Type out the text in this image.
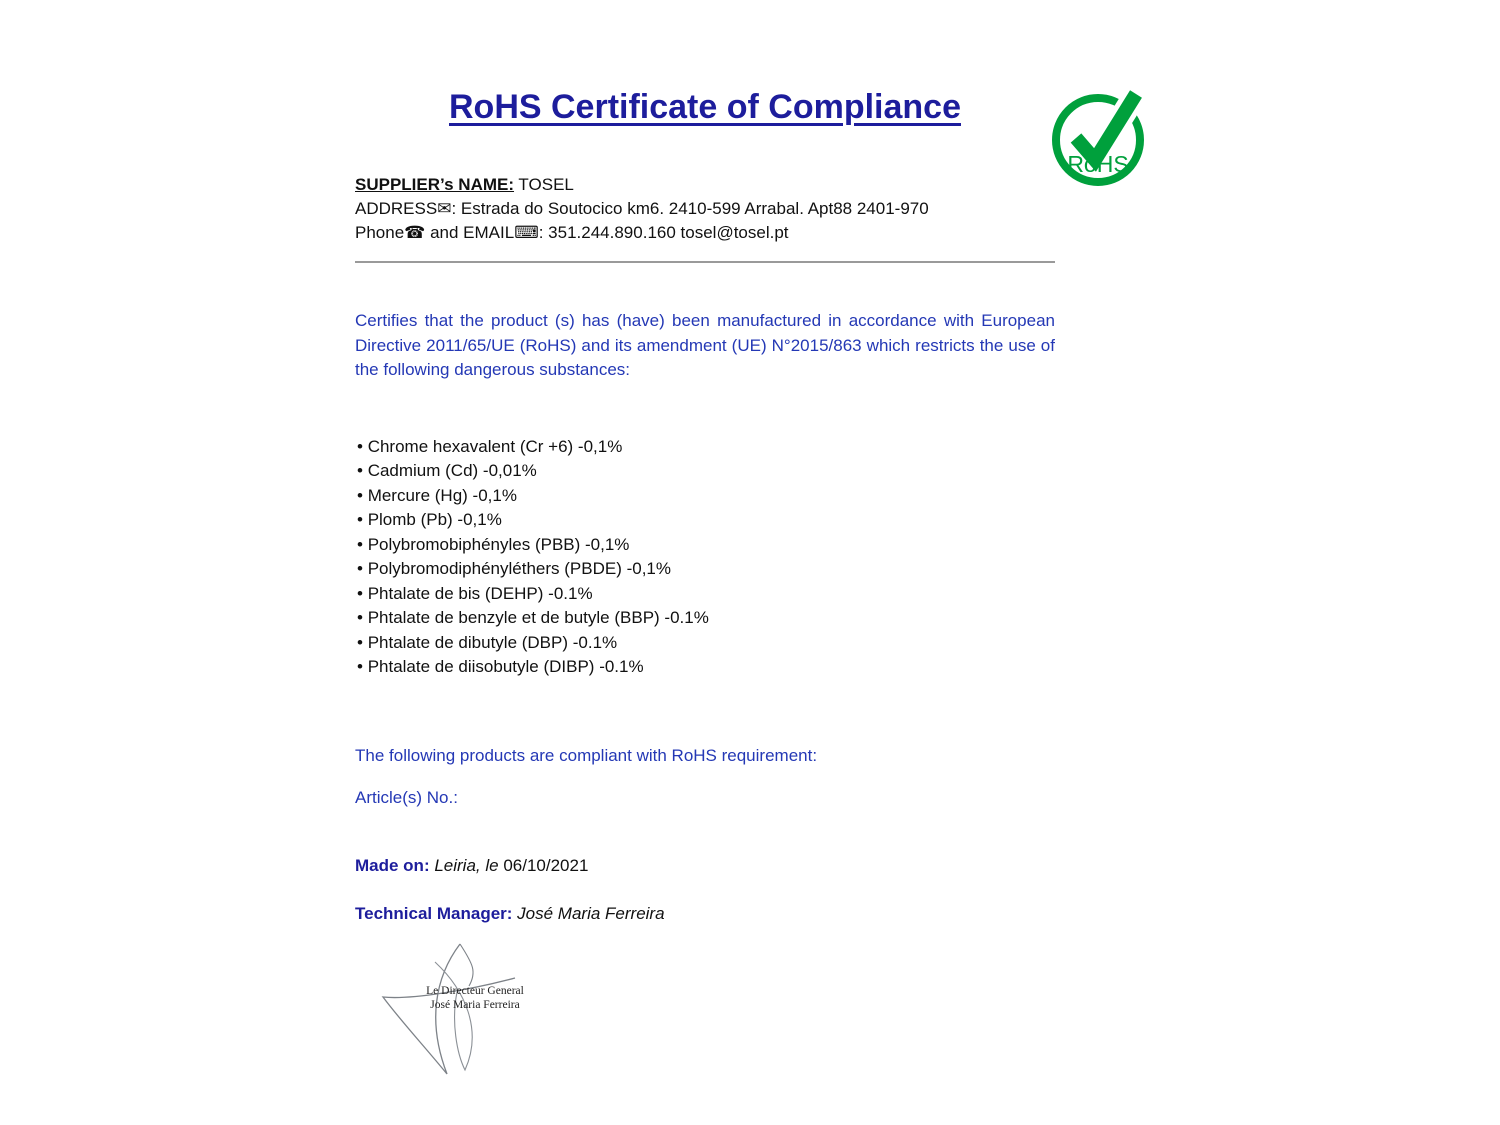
RoHS Certificate of Compliance

SUPPLIER’s NAME: TOSEL

ADDRESS✉: Estrada do Soutocico km6. 2410-599 Arrabal. Apt88 2401-970

Phone☎ and EMAIL⌨: 351.244.890.160 tosel@tosel.pt

Certifies that the product (s) has (have) been manufactured in accordance with European Directive 2011/65/UE (RoHS) and its amendment (UE) N°2015/863 which restricts the use of the following dangerous substances:

• Chrome hexavalent (Cr +6) -0,1%
• Cadmium (Cd) -0,01%
• Mercure (Hg) -0,1%
• Plomb (Pb) -0,1%
• Polybromobiphényles (PBB) -0,1%
• Polybromodiphényléthers (PBDE) -0,1%
• Phtalate de bis (DEHP) -0.1%
• Phtalate de benzyle et de butyle (BBP) -0.1%
• Phtalate de dibutyle (DBP) -0.1%
• Phtalate de diisobutyle (DIBP) -0.1%

The following products are compliant with RoHS requirement:

Article(s) No.:

Made on: Leiria, le 06/10/2021

Technical Manager: José Maria Ferreira

Le Directeur General
José Maria Ferreira
RoHS
